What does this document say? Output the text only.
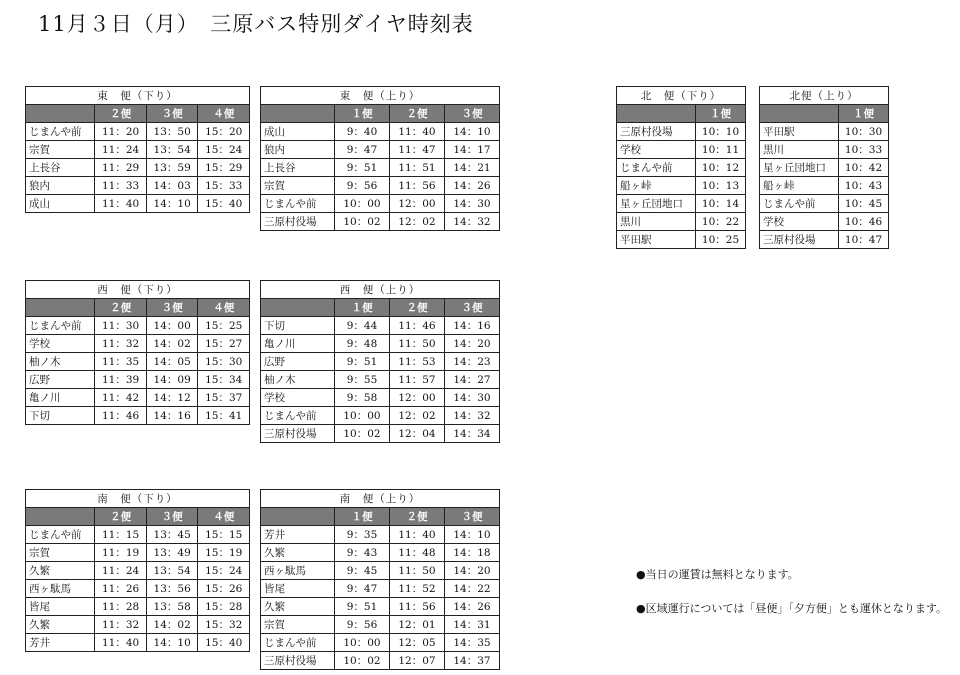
11月３日（月）　三原バス特別ダイヤ時刻表
東　便（下り）			
	２便	３便	４便
じまんや前	11：20	13：50	15：20
宗賀	11：24	13：54	15：24
上長谷	11：29	13：59	15：29
狼内	11：33	14：03	15：33
成山	11：40	14：10	15：40
東　便（上り）			
	１便	２便	３便
成山	9：40	11：40	14：10
狼内	9：47	11：47	14：17
上長谷	9：51	11：51	14：21
宗賀	9：56	11：56	14：26
じまんや前	10：00	12：00	14：30
三原村役場	10：02	12：02	14：32
北　便（下り）	
	１便
三原村役場	10：10
学校	10：11
じまんや前	10：12
船ヶ峠	10：13
星ヶ丘団地口	10：14
黒川	10：22
平田駅	10：25
北便（上り）	
	１便
平田駅	10：30
黒川	10：33
星ヶ丘団地口	10：42
船ヶ峠	10：43
じまんや前	10：45
学校	10：46
三原村役場	10：47
西　便（下り）			
	２便	３便	４便
じまんや前	11：30	14：00	15：25
学校	11：32	14：02	15：27
柚ノ木	11：35	14：05	15：30
広野	11：39	14：09	15：34
亀ノ川	11：42	14：12	15：37
下切	11：46	14：16	15：41
西　便（上り）			
	１便	２便	３便
下切	9：44	11：46	14：16
亀ノ川	9：48	11：50	14：20
広野	9：51	11：53	14：23
柚ノ木	9：55	11：57	14：27
学校	9：58	12：00	14：30
じまんや前	10：00	12：02	14：32
三原村役場	10：02	12：04	14：34
南　便（下り）			
	２便	３便	４便
じまんや前	11：15	13：45	15：15
宗賀	11：19	13：49	15：19
久繁	11：24	13：54	15：24
西ヶ駄馬	11：26	13：56	15：26
皆尾	11：28	13：58	15：28
久繁	11：32	14：02	15：32
芳井	11：40	14：10	15：40
南　便（上り）			
	１便	２便	３便
芳井	9：35	11：40	14：10
久繁	9：43	11：48	14：18
西ヶ駄馬	9：45	11：50	14：20
皆尾	9：47	11：52	14：22
久繁	9：51	11：56	14：26
宗賀	9：56	12：01	14：31
じまんや前	10：00	12：05	14：35
三原村役場	10：02	12：07	14：37
●当日の運賃は無料となります。
●区域運行については「昼便」「夕方便」とも運休となります。
